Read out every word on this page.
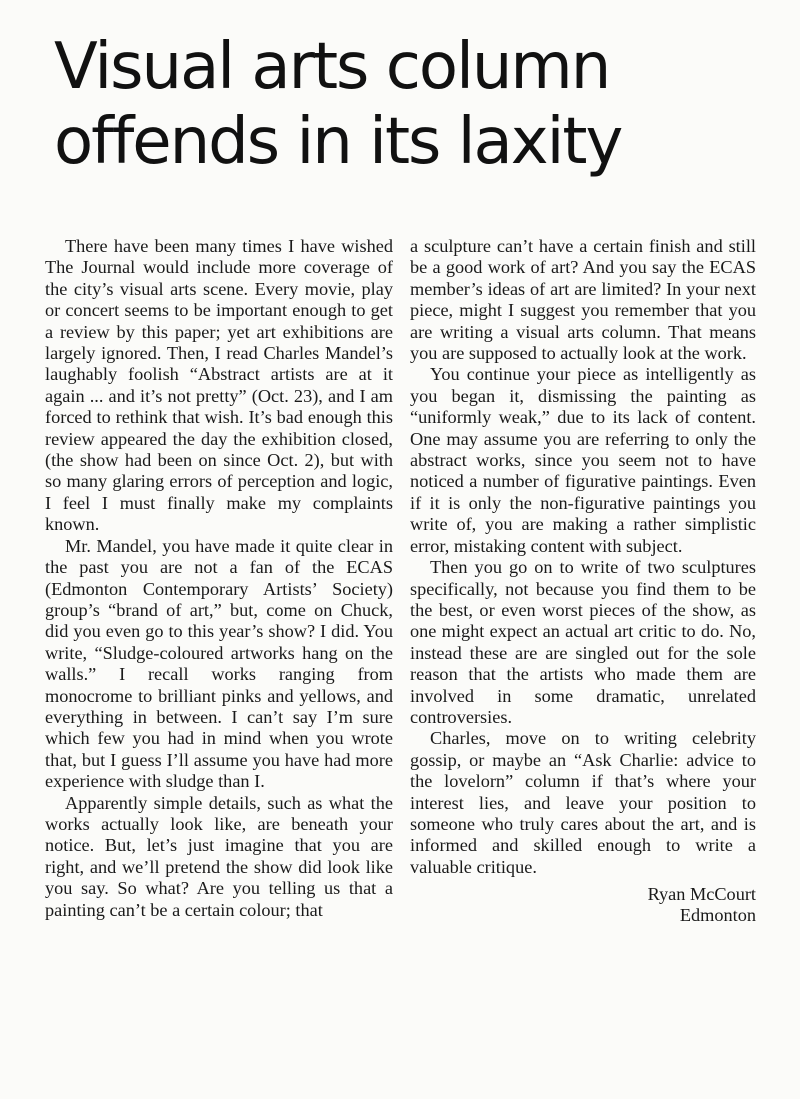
Visual arts column
offends in its laxity

There have been many times I have wished The Journal would include more coverage of the city’s visual arts scene. Every movie, play or concert seems to be important enough to get a review by this paper; yet art exhibitions are largely ignored. Then, I read Charles Mandel’s laughably foolish “Abstract artists are at it again ... and it’s not pretty” (Oct. 23), and I am forced to rethink that wish. It’s bad enough this review appeared the day the exhibition closed, (the show had been on since Oct. 2), but with so many glaring errors of perception and logic, I feel I must finally make my complaints known.

Mr. Mandel, you have made it quite clear in the past you are not a fan of the ECAS (Edmonton Contemporary Artists’ Society) group’s “brand of art,” but, come on Chuck, did you even go to this year’s show? I did. You write, “Sludge-coloured artworks hang on the walls.” I recall works ranging from monocrome to brilliant pinks and yellows, and everything in between. I can’t say I’m sure which few you had in mind when you wrote that, but I guess I’ll assume you have had more experience with sludge than I.

Apparently simple details, such as what the works actually look like, are beneath your notice. But, let’s just imagine that you are right, and we’ll pretend the show did look like you say. So what? Are you telling us that a painting can’t be a certain colour; that

a sculpture can’t have a certain finish and still be a good work of art? And you say the ECAS member’s ideas of art are limited? In your next piece, might I suggest you remember that you are writing a visual arts column. That means you are supposed to actually look at the work.

You continue your piece as intelligently as you began it, dismissing the painting as “uniformly weak,” due to its lack of content. One may assume you are referring to only the abstract works, since you seem not to have noticed a number of figurative paintings. Even if it is only the non-figurative paintings you write of, you are making a rather simplistic error, mistaking content with subject.

Then you go on to write of two sculptures specifically, not because you find them to be the best, or even worst pieces of the show, as one might expect an actual art critic to do. No, instead these are are singled out for the sole reason that the artists who made them are involved in some dramatic, unrelated controversies.

Charles, move on to writing celebrity gossip, or maybe an “Ask Charlie: advice to the lovelorn” column if that’s where your interest lies, and leave your position to someone who truly cares about the art, and is informed and skilled enough to write a valuable critique.

Ryan McCourt
Edmonton
